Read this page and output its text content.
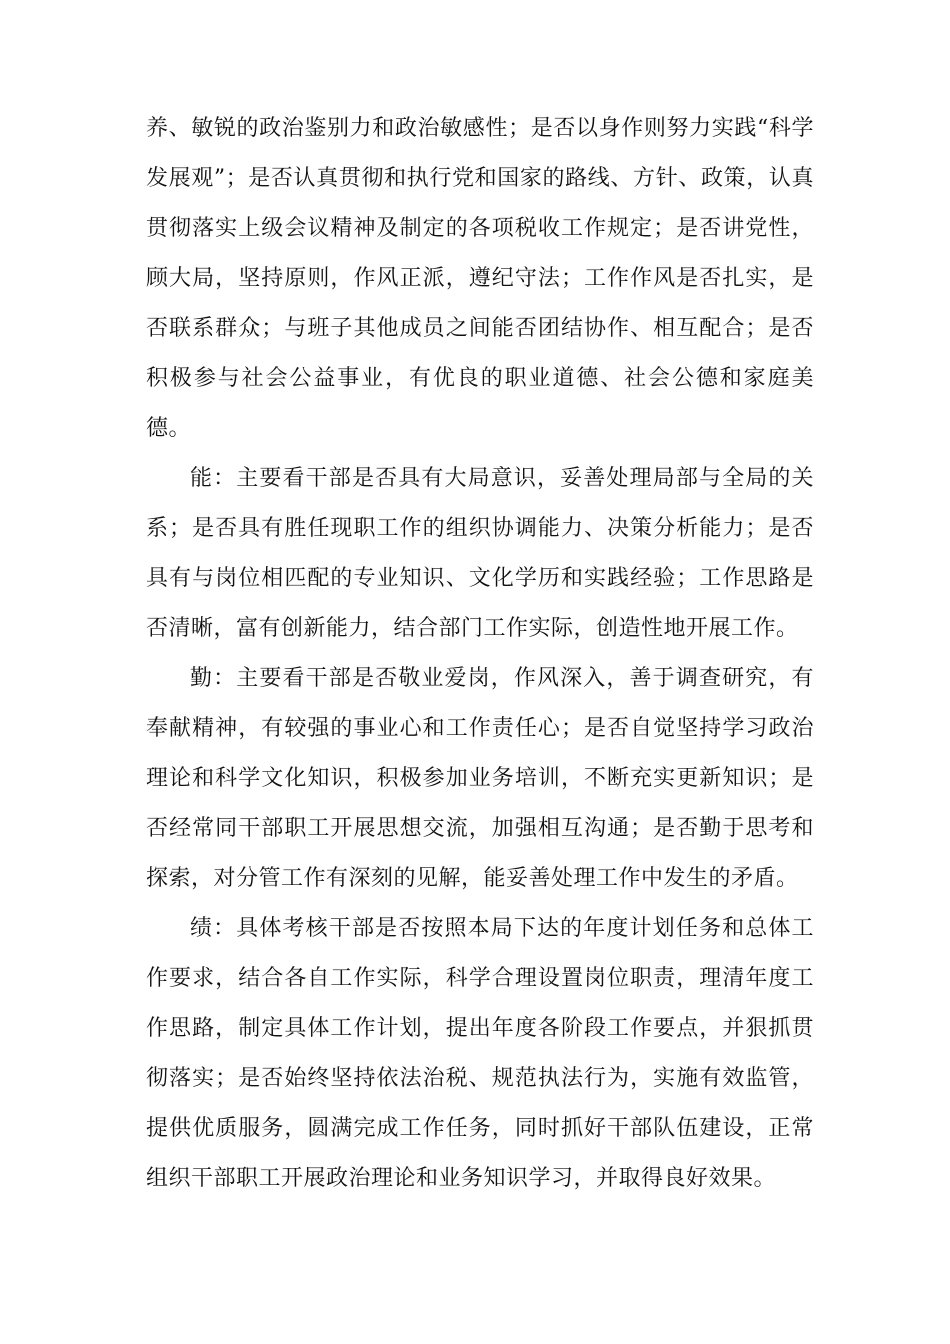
养、敏锐的政治鉴别力和政治敏感性；是否以身作则努力实践“科学发展观”；是否认真贯彻和执行党和国家的路线、方针、政策，认真贯彻落实上级会议精神及制定的各项税收工作规定；是否讲党性，顾大局，坚持原则，作风正派，遵纪守法；工作作风是否扎实，是否联系群众；与班子其他成员之间能否团结协作、相互配合；是否积极参与社会公益事业，有优良的职业道德、社会公德和家庭美德。

能：主要看干部是否具有大局意识，妥善处理局部与全局的关系；是否具有胜任现职工作的组织协调能力、决策分析能力；是否具有与岗位相匹配的专业知识、文化学历和实践经验；工作思路是否清晰，富有创新能力，结合部门工作实际，创造性地开展工作。

勤：主要看干部是否敬业爱岗，作风深入，善于调查研究，有奉献精神，有较强的事业心和工作责任心；是否自觉坚持学习政治理论和科学文化知识，积极参加业务培训，不断充实更新知识；是否经常同干部职工开展思想交流，加强相互沟通；是否勤于思考和探索，对分管工作有深刻的见解，能妥善处理工作中发生的矛盾。

绩：具体考核干部是否按照本局下达的年度计划任务和总体工作要求，结合各自工作实际，科学合理设置岗位职责，理清年度工作思路，制定具体工作计划，提出年度各阶段工作要点，并狠抓贯彻落实；是否始终坚持依法治税、规范执法行为，实施有效监管，提供优质服务，圆满完成工作任务，同时抓好干部队伍建设，正常组织干部职工开展政治理论和业务知识学习，并取得良好效果。
